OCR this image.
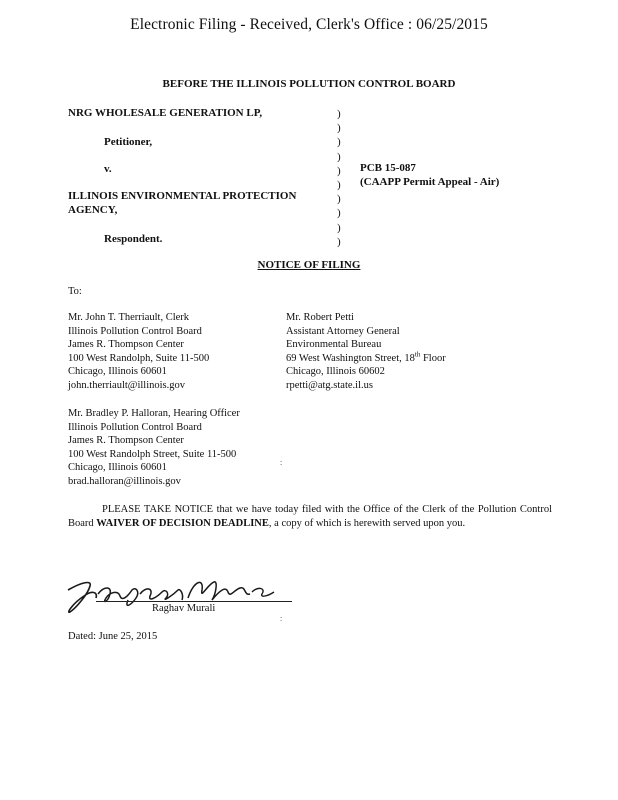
Electronic Filing - Received, Clerk's Office : 06/25/2015
BEFORE THE ILLINOIS POLLUTION CONTROL BOARD
NRG WHOLESALE GENERATION LP,
Petitioner,
v.
ILLINOIS ENVIRONMENTAL PROTECTION
AGENCY,
Respondent.
)
)
)
)
)
)
)
)
)
)
PCB 15-087
(CAAPP Permit Appeal - Air)
NOTICE OF FILING
To:
Mr. John T. Therriault, Clerk
Illinois Pollution Control Board
James R. Thompson Center
100 West Randolph, Suite 11-500
Chicago, Illinois 60601
john.therriault@illinois.gov
Mr. Robert Petti
Assistant Attorney General
Environmental Bureau
69 West Washington Street, 18th Floor
Chicago, Illinois 60602
rpetti@atg.state.il.us
Mr. Bradley P. Halloran, Hearing Officer
Illinois Pollution Control Board
James R. Thompson Center
100 West Randolph Street, Suite 11-500
Chicago, Illinois 60601
brad.halloran@illinois.gov
:
PLEASE TAKE NOTICE that we have today filed with the Office of the Clerk of the Pollution Control Board WAIVER OF DECISION DEADLINE, a copy of which is herewith served upon you.
Raghav Murali
:
Dated: June 25, 2015
